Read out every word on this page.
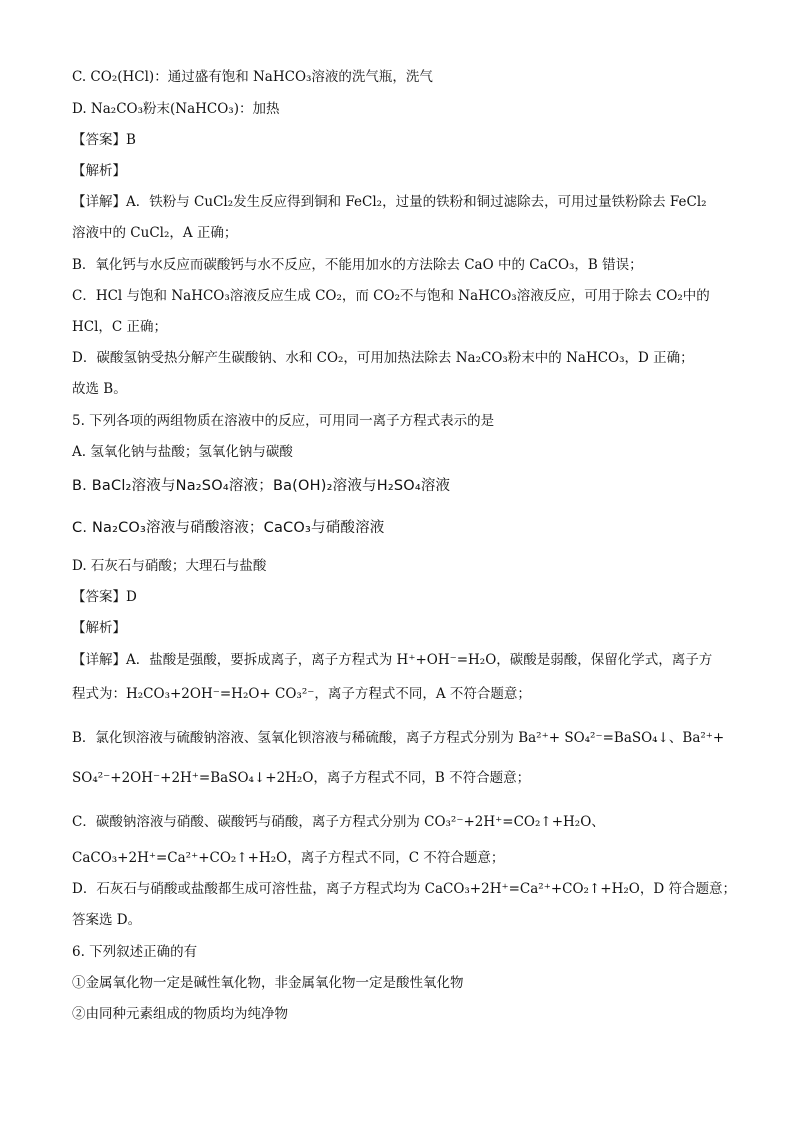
C. CO₂(HCl)：通过盛有饱和 NaHCO₃溶液的洗气瓶，洗气
D. Na₂CO₃粉末(NaHCO₃)：加热
【答案】B
【解析】
【详解】A．铁粉与 CuCl₂发生反应得到铜和 FeCl₂，过量的铁粉和铜过滤除去，可用过量铁粉除去 FeCl₂
溶液中的 CuCl₂，A 正确；
B．氧化钙与水反应而碳酸钙与水不反应，不能用加水的方法除去 CaO 中的 CaCO₃，B 错误；
C．HCl 与饱和 NaHCO₃溶液反应生成 CO₂，而 CO₂不与饱和 NaHCO₃溶液反应，可用于除去 CO₂中的
HCl，C 正确；
D．碳酸氢钠受热分解产生碳酸钠、水和 CO₂，可用加热法除去 Na₂CO₃粉末中的 NaHCO₃，D 正确；
故选 B。
5. 下列各项的两组物质在溶液中的反应，可用同一离子方程式表示的是
A. 氢氧化钠与盐酸；氢氧化钠与碳酸
B. BaCl₂溶液与Na₂SO₄溶液；Ba(OH)₂溶液与H₂SO₄溶液
C. Na₂CO₃溶液与硝酸溶液；CaCO₃与硝酸溶液
D. 石灰石与硝酸；大理石与盐酸
【答案】D
【解析】
【详解】A．盐酸是强酸，要拆成离子，离子方程式为 H⁺+OH⁻=H₂O，碳酸是弱酸，保留化学式，离子方
程式为：H₂CO₃+2OH⁻=H₂O+ CO₃²⁻，离子方程式不同，A 不符合题意；
B．氯化钡溶液与硫酸钠溶液、氢氧化钡溶液与稀硫酸，离子方程式分别为 Ba²⁺+ SO₄²⁻=BaSO₄↓、Ba²⁺+
SO₄²⁻+2OH⁻+2H⁺=BaSO₄↓+2H₂O，离子方程式不同，B 不符合题意；
C．碳酸钠溶液与硝酸、碳酸钙与硝酸，离子方程式分别为 CO₃²⁻+2H⁺=CO₂↑+H₂O、
CaCO₃+2H⁺=Ca²⁺+CO₂↑+H₂O，离子方程式不同，C 不符合题意；
D．石灰石与硝酸或盐酸都生成可溶性盐，离子方程式均为 CaCO₃+2H⁺=Ca²⁺+CO₂↑+H₂O，D 符合题意；
答案选 D。
6. 下列叙述正确的有
①金属氧化物一定是碱性氧化物，非金属氧化物一定是酸性氧化物
②由同种元素组成的物质均为纯净物
